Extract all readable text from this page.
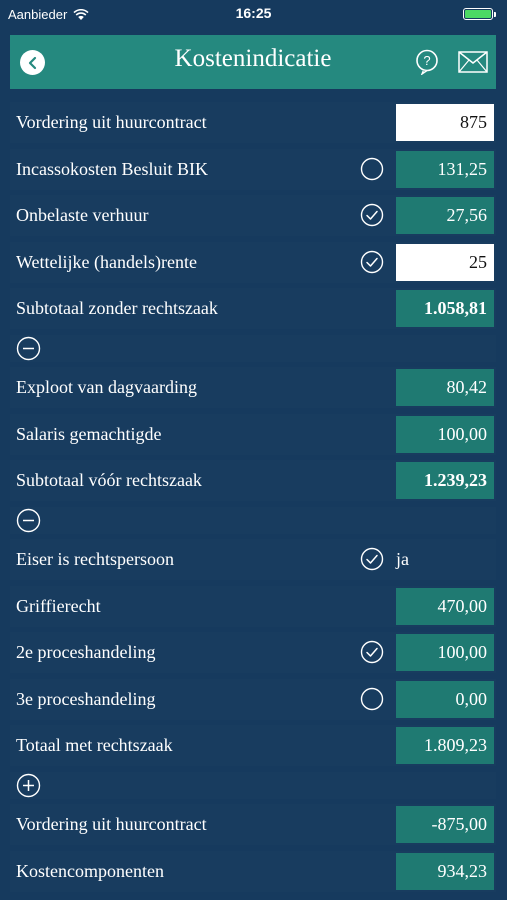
Aanbieder	16:25
Kostenindicatie	?
Vordering uit huurcontract	875
Incassokosten Besluit BIK	131,25
Onbelaste verhuur	27,56
Wettelijke (handels)rente	25
Subtotaal zonder rechtszaak	1.058,81
Exploot van dagvaarding	80,42
Salaris gemachtigde	100,00
Subtotaal vóór rechtszaak	1.239,23
Eiser is rechtspersoon	ja
Griffierecht	470,00
2e proceshandeling	100,00
3e proceshandeling	0,00
Totaal met rechtszaak	1.809,23
Vordering uit huurcontract	-875,00
Kostencomponenten	934,23
